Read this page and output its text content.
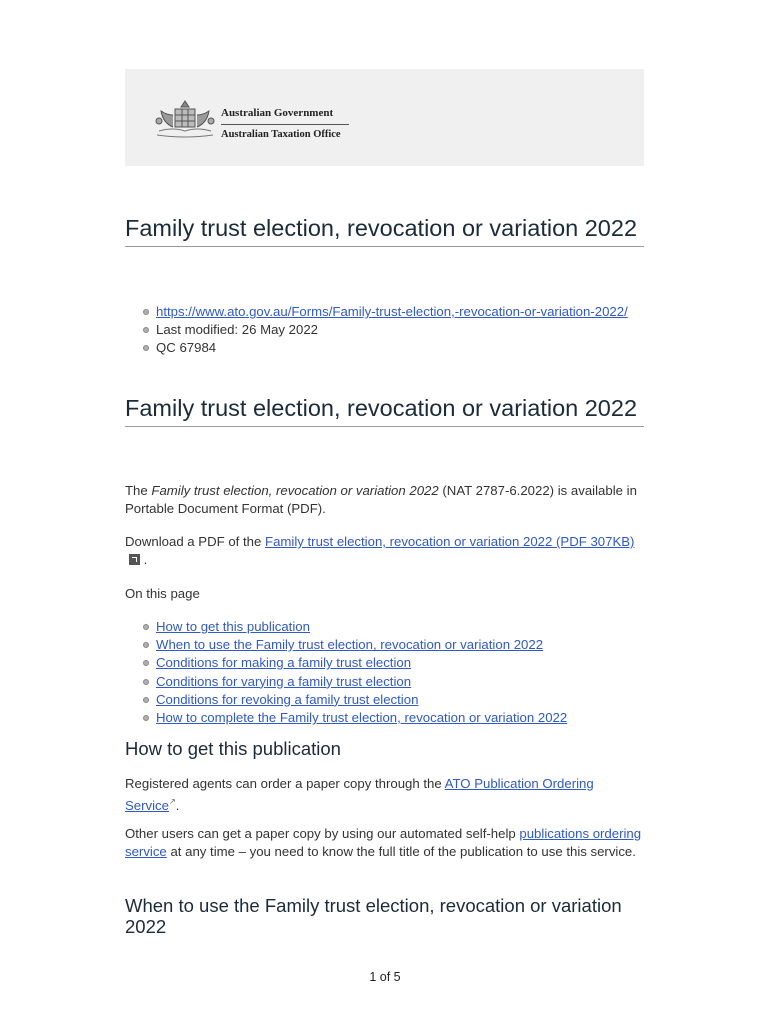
Australian Government
Australian Taxation Office
Family trust election, revocation or variation 2022
https://www.ato.gov.au/Forms/Family-trust-election,-revocation-or-variation-2022/
Last modified: 26 May 2022
QC 67984
Family trust election, revocation or variation 2022

The Family trust election, revocation or variation 2022 (NAT 2787-6.2022) is available in Portable Document Format (PDF).

Download a PDF of the Family trust election, revocation or variation 2022 (PDF 307KB) .

On this page

How to get this publication
When to use the Family trust election, revocation or variation 2022
Conditions for making a family trust election
Conditions for varying a family trust election
Conditions for revoking a family trust election
How to complete the Family trust election, revocation or variation 2022
How to get this publication

Registered agents can order a paper copy through the ATO Publication Ordering Service↗.

Other users can get a paper copy by using our automated self-help publications ordering service at any time – you need to know the full title of the publication to use this service.

When to use the Family trust election, revocation or variation 2022
1 of 5
